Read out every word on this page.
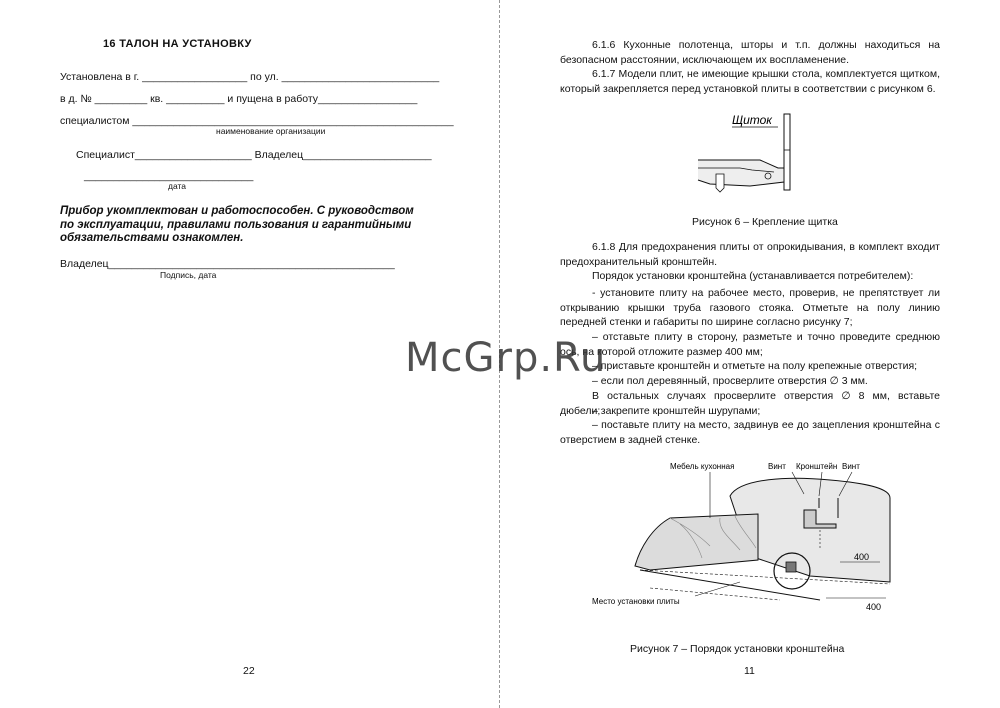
16 ТАЛОН НА УСТАНОВКУ
Установлена в г. __________________ по ул. ___________________________
в д. № _________ кв. __________ и пущена в работу_________________
специалистом _______________________________________________________
наименование организации
Специалист____________________ Владелец______________________
_____________________________
дата
Прибор укомплектован и работоспособен. С руководством
по эксплуатации, правилами пользования и гарантийными
обязательствами ознакомлен.
Владелец_________________________________________________
Подпись, дата
22
6.1.6 Кухонные полотенца, шторы и т.п. должны находиться на безопасном расстоянии, исключающем их воспламенение.
6.1.7 Модели плит, не имеющие крышки стола, комплектуется щитком, который закрепляется перед установкой плиты в соответствии с рисунком 6.
Щиток
Рисунок 6 – Крепление щитка
6.1.8 Для предохранения плиты от опрокидывания, в комплект входит предохранительный кронштейн.
Порядок установки кронштейна (устанавливается потребителем):
- установите плиту на рабочее место, проверив, не препятствует ли открыванию крышки труба газового стояка. Отметьте на полу линию передней стенки и габариты по ширине согласно рисунку 7;
– отставьте плиту в сторону, разметьте и точно проведите среднюю ось, на которой отложите размер 400 мм;
– приставьте кронштейн и отметьте на полу крепежные отверстия;
– если пол деревянный, просверлите отверстия ∅ 3 мм.
В остальных случаях просверлите отверстия ∅ 8 мм, вставьте дюбели;
– закрепите кронштейн шурупами;
– поставьте плиту на место, задвинув ее до зацепления кронштейна с отверстием в задней стенке.
Мебель кухонная	Винт Кронштейн Винт
400
400
Место установки плиты
Рисунок 7 – Порядок установки кронштейна
11
McGrp.Ru
